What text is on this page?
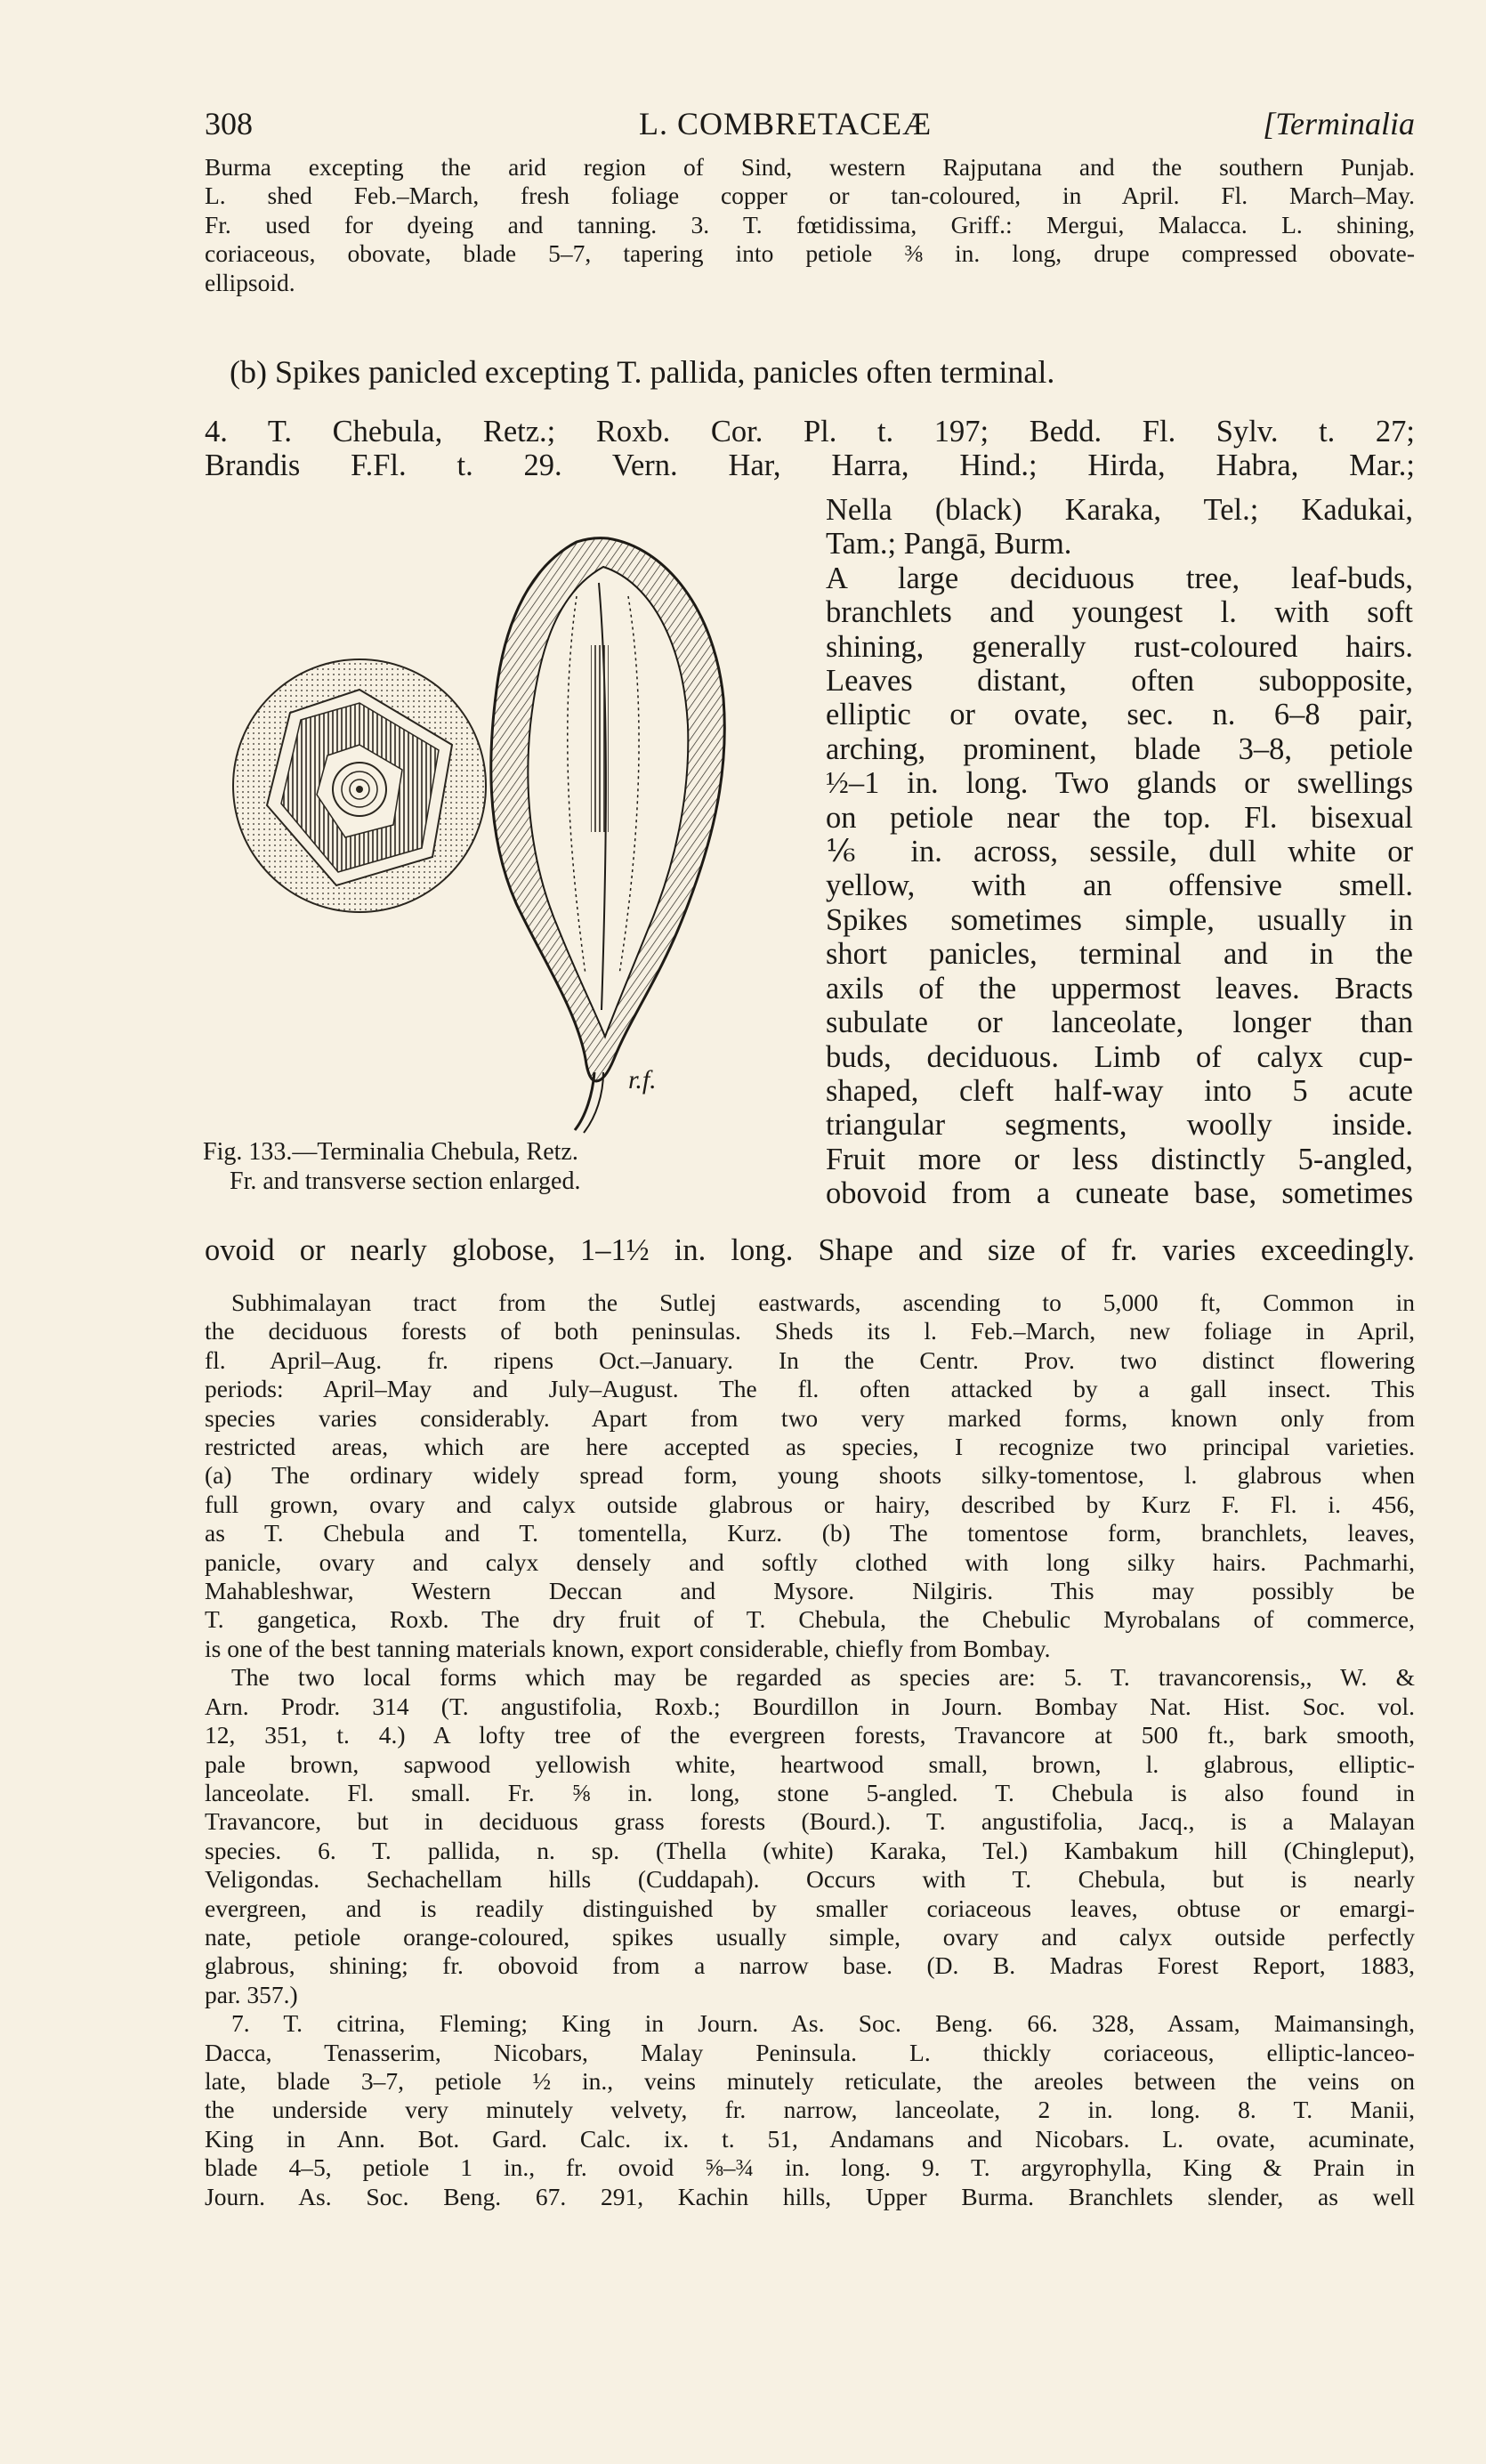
308	L. COMBRETACEÆ	[Terminalia
Burma excepting the arid region of Sind, western Rajputana and the southern Punjab.
L. shed Feb.–March, fresh foliage copper or tan-coloured, in April. Fl. March–May.
Fr. used for dyeing and tanning. 3. T. fœtidissima, Griff.: Mergui, Malacca. L. shining,
coriaceous, obovate, blade 5–7, tapering into petiole ⅜ in. long, drupe compressed obovate-
ellipsoid.
(b) Spikes panicled excepting T. pallida, panicles often terminal.
4. T. Chebula, Retz.; Roxb. Cor. Pl. t. 197; Bedd. Fl. Sylv. t. 27;
Brandis F.Fl. t. 29. Vern. Har, Harra, Hind.; Hirda, Habra, Mar.;
r.f.
Fig. 133.—Terminalia Chebula, Retz.
Fr. and transverse section enlarged.
Nella (black) Karaka, Tel.; Kadukai,
Tam.; Pangā, Burm.
A large deciduous tree, leaf-buds,
branchlets and youngest l. with soft
shining, generally rust-coloured hairs.
Leaves distant, often subopposite,
elliptic or ovate, sec. n. 6–8 pair,
arching, prominent, blade 3–8, petiole
½–1 in. long. Two glands or swellings
on petiole near the top. Fl. bisexual
⅙ in. across, sessile, dull white or
yellow, with an offensive smell.
Spikes sometimes simple, usually in
short panicles, terminal and in the
axils of the uppermost leaves. Bracts
subulate or lanceolate, longer than
buds, deciduous. Limb of calyx cup-
shaped, cleft half-way into 5 acute
triangular segments, woolly inside.
Fruit more or less distinctly 5-angled,
obovoid from a cuneate base, sometimes
ovoid or nearly globose, 1–1½ in. long. Shape and size of fr. varies exceedingly.
Subhimalayan tract from the Sutlej eastwards, ascending to 5,000 ft, Common in
the deciduous forests of both peninsulas. Sheds its l. Feb.–March, new foliage in April,
fl. April–Aug. fr. ripens Oct.–January. In the Centr. Prov. two distinct flowering
periods: April–May and July–August. The fl. often attacked by a gall insect. This
species varies considerably. Apart from two very marked forms, known only from
restricted areas, which are here accepted as species, I recognize two principal varieties.
(a) The ordinary widely spread form, young shoots silky-tomentose, l. glabrous when
full grown, ovary and calyx outside glabrous or hairy, described by Kurz F. Fl. i. 456,
as T. Chebula and T. tomentella, Kurz. (b) The tomentose form, branchlets, leaves,
panicle, ovary and calyx densely and softly clothed with long silky hairs. Pachmarhi,
Mahableshwar, Western Deccan and Mysore. Nilgiris. This may possibly be
T. gangetica, Roxb. The dry fruit of T. Chebula, the Chebulic Myrobalans of commerce,
is one of the best tanning materials known, export considerable, chiefly from Bombay.
The two local forms which may be regarded as species are: 5. T. travancorensis,, W. &
Arn. Prodr. 314 (T. angustifolia, Roxb.; Bourdillon in Journ. Bombay Nat. Hist. Soc. vol.
12, 351, t. 4.) A lofty tree of the evergreen forests, Travancore at 500 ft., bark smooth,
pale brown, sapwood yellowish white, heartwood small, brown, l. glabrous, elliptic-
lanceolate. Fl. small. Fr. ⅝ in. long, stone 5-angled. T. Chebula is also found in
Travancore, but in deciduous grass forests (Bourd.). T. angustifolia, Jacq., is a Malayan
species. 6. T. pallida, n. sp. (Thella (white) Karaka, Tel.) Kambakum hill (Chingleput),
Veligondas. Sechachellam hills (Cuddapah). Occurs with T. Chebula, but is nearly
evergreen, and is readily distinguished by smaller coriaceous leaves, obtuse or emargi-
nate, petiole orange-coloured, spikes usually simple, ovary and calyx outside perfectly
glabrous, shining; fr. obovoid from a narrow base. (D. B. Madras Forest Report, 1883,
par. 357.)
7. T. citrina, Fleming; King in Journ. As. Soc. Beng. 66. 328, Assam, Maimansingh,
Dacca, Tenasserim, Nicobars, Malay Peninsula. L. thickly coriaceous, elliptic-lanceo-
late, blade 3–7, petiole ½ in., veins minutely reticulate, the areoles between the veins on
the underside very minutely velvety, fr. narrow, lanceolate, 2 in. long. 8. T. Manii,
King in Ann. Bot. Gard. Calc. ix. t. 51, Andamans and Nicobars. L. ovate, acuminate,
blade 4–5, petiole 1 in., fr. ovoid ⅝–¾ in. long. 9. T. argyrophylla, King & Prain in
Journ. As. Soc. Beng. 67. 291, Kachin hills, Upper Burma. Branchlets slender, as well
